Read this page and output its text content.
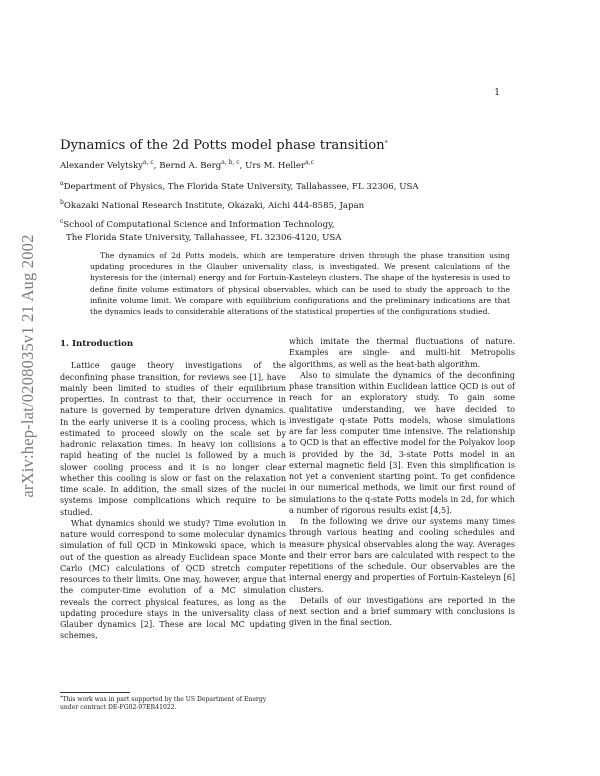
1
arXiv:hep-lat/0208035v1 21 Aug 2002
Dynamics of the 2d Potts model phase transition*
Alexander Velytsky$^{a, c}$, Bernd A. Berg$^{a, b, c}$, Urs M. Heller$^{a,c}$
$^a$Department of Physics, The Florida State University, Tallahassee, FL 32306, USA
$^b$Okazaki National Research Institute, Okazaki, Aichi 444-8585, Japan
$^c$School of Computational Science and Information Technology,
The Florida State University, Tallahassee, FL 32306-4120, USA
The dynamics of 2d Potts models, which are temperature driven through the phase transition using updating procedures in the Glauber universality class, is investigated. We present calculations of the hysteresis for the (internal) energy and for Fortuin-Kasteleyn clusters. The shape of the hysteresis is used to define finite volume estimators of physical observables, which can be used to study the approach to the infinite volume limit. We compare with equilibrium configurations and the preliminary indications are that the dynamics leads to considerable alterations of the statistical properties of the configurations studied.
1. Introduction

Lattice gauge theory investigations of the deconfining phase transition, for reviews see [1], have mainly been limited to studies of their equilibrium properties. In contrast to that, their occurrence in nature is governed by temperature driven dynamics. In the early universe it is a cooling process, which is estimated to proceed slowly on the scale set by hadronic relaxation times. In heavy ion collisions a rapid heating of the nuclei is followed by a much slower cooling process and it is no longer clear whether this cooling is slow or fast on the relaxation time scale. In addition, the small sizes of the nuclei systems impose complications which require to be studied.

What dynamics should we study? Time evolution in nature would correspond to some molecular dynamics simulation of full QCD in Minkowski space, which is out of the question as already Euclidean space Monte Carlo (MC) calculations of QCD stretch computer resources to their limits. One may, however, argue that the computer-time evolution of a MC simulation reveals the correct physical features, as long as the updating procedure stays in the universality class of Glauber dynamics [2]. These are local MC updating schemes,

which imitate the thermal fluctuations of nature. Examples are single- and multi-hit Metropolis algorithms, as well as the heat-bath algorithm.

Also to simulate the dynamics of the deconfining phase transition within Euclidean lattice QCD is out of reach for an exploratory study. To gain some qualitative understanding, we have decided to investigate q-state Potts models, whose simulations are far less computer time intensive. The relationship to QCD is that an effective model for the Polyakov loop is provided by the 3d, 3-state Potts model in an external magnetic field [3]. Even this simplification is not yet a convenient starting point. To get confidence in our numerical methods, we limit our first round of simulations to the q-state Potts models in 2d, for which a number of rigorous results exist [4,5].

In the following we drive our systems many times through various heating and cooling schedules and measure physical observables along the way. Averages and their error bars are calculated with respect to the repetitions of the schedule. Our observables are the internal energy and properties of Fortuin-Kasteleyn [6] clusters.

Details of our investigations are reported in the next section and a brief summary with conclusions is given in the final section.

*This work was in part supported by the US Department of Energy under contract DE-FG02-97ER41022.
